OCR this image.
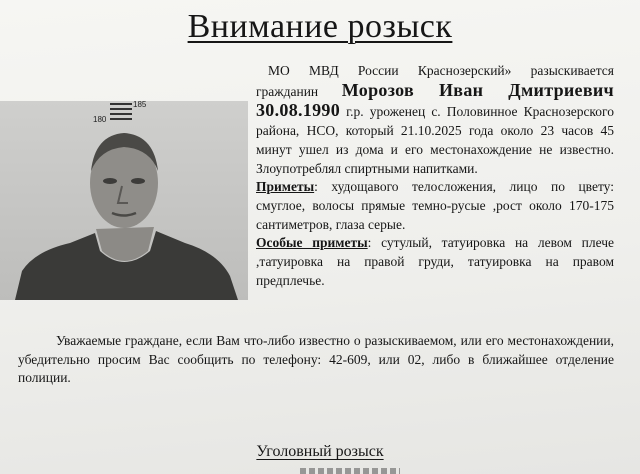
Внимание розыск
180
185
МО МВД России Краснозерский» разыскивается гражданин Морозов Иван Дмитриевич 30.08.1990 г.р. уроженец с. Половинное Краснозерского района, НСО, который 21.10.2025 года около 23 часов 45 минут ушел из дома и его местонахождение не известно. Злоупотреблял спиртными напитками.
Приметы: худощавого телосложения, лицо по цвету: смуглое, волосы прямые темно-русые ,рост около 170-175 сантиметров, глаза серые.
Особые приметы: сутулый, татуировка на левом плече ,татуировка на правой груди, татуировка на правом предплечье.
Уважаемые граждане, если Вам что-либо известно о разыскиваемом, или его местонахождении, убедительно просим Вас сообщить по телефону: 42-609, или 02, либо в ближайшее отделение полиции.
Уголовный розыск
